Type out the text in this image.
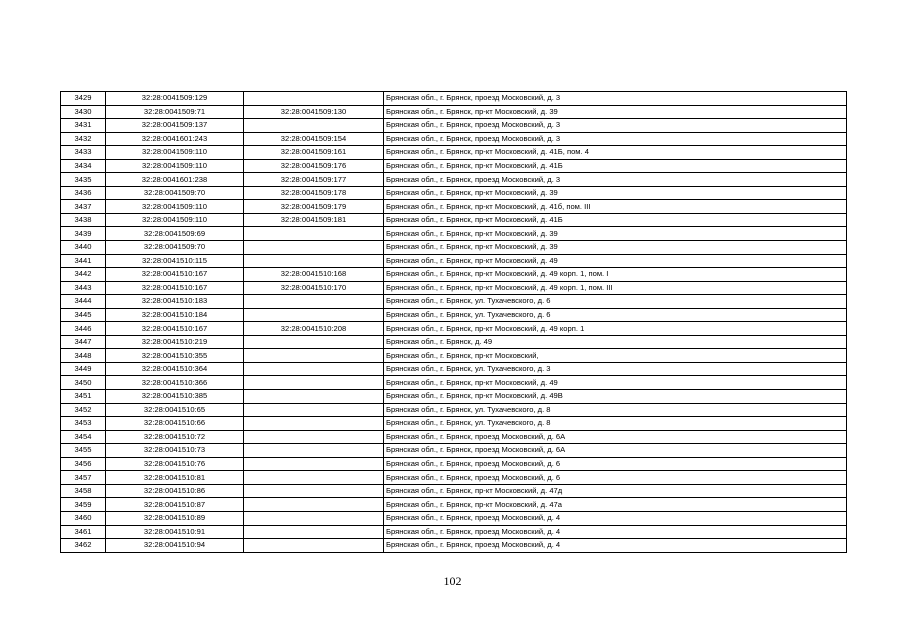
3429	32:28:0041509:129		Брянская обл., г. Брянск, проезд Московский, д. 3
3430	32:28:0041509:71	32:28:0041509:130	Брянская обл., г. Брянск, пр-кт Московский, д. 39
3431	32:28:0041509:137		Брянская обл., г. Брянск, проезд Московский, д. 3
3432	32:28:0041601:243	32:28:0041509:154	Брянская обл., г. Брянск, проезд Московский, д. 3
3433	32:28:0041509:110	32:28:0041509:161	Брянская обл., г. Брянск, пр-кт Московский, д. 41Б, пом. 4
3434	32:28:0041509:110	32:28:0041509:176	Брянская обл., г. Брянск, пр-кт Московский, д. 41Б
3435	32:28:0041601:238	32:28:0041509:177	Брянская обл., г. Брянск, проезд Московский, д. 3
3436	32:28:0041509:70	32:28:0041509:178	Брянская обл., г. Брянск, пр-кт Московский, д. 39
3437	32:28:0041509:110	32:28:0041509:179	Брянская обл., г. Брянск, пр-кт Московский, д. 41б, пом. III
3438	32:28:0041509:110	32:28:0041509:181	Брянская обл., г. Брянск, пр-кт Московский, д. 41Б
3439	32:28:0041509:69		Брянская обл., г. Брянск, пр-кт Московский, д. 39
3440	32:28:0041509:70		Брянская обл., г. Брянск, пр-кт Московский, д. 39
3441	32:28:0041510:115		Брянская обл., г. Брянск, пр-кт Московский, д. 49
3442	32:28:0041510:167	32:28:0041510:168	Брянская обл., г. Брянск, пр-кт Московский, д. 49 корп. 1, пом. I
3443	32:28:0041510:167	32:28:0041510:170	Брянская обл., г. Брянск, пр-кт Московский, д. 49 корп. 1, пом. III
3444	32:28:0041510:183		Брянская обл., г. Брянск, ул. Тухачевского, д. 6
3445	32:28:0041510:184		Брянская обл., г. Брянск, ул. Тухачевского, д. 6
3446	32:28:0041510:167	32:28:0041510:208	Брянская обл., г. Брянск, пр-кт Московский, д. 49 корп. 1
3447	32:28:0041510:219		Брянская обл., г. Брянск, д. 49
3448	32:28:0041510:355		Брянская обл., г. Брянск, пр-кт Московский,
3449	32:28:0041510:364		Брянская обл., г. Брянск, ул. Тухачевского, д. 3
3450	32:28:0041510:366		Брянская обл., г. Брянск, пр-кт Московский, д. 49
3451	32:28:0041510:385		Брянская обл., г. Брянск, пр-кт Московский, д. 49В
3452	32:28:0041510:65		Брянская обл., г. Брянск, ул. Тухачевского, д. 8
3453	32:28:0041510:66		Брянская обл., г. Брянск, ул. Тухачевского, д. 8
3454	32:28:0041510:72		Брянская обл., г. Брянск, проезд Московский, д. 6А
3455	32:28:0041510:73		Брянская обл., г. Брянск, проезд Московский, д. 6А
3456	32:28:0041510:76		Брянская обл., г. Брянск, проезд Московский, д. 6
3457	32:28:0041510:81		Брянская обл., г. Брянск, проезд Московский, д. 6
3458	32:28:0041510:86		Брянская обл., г. Брянск, пр-кт Московский, д. 47д
3459	32:28:0041510:87		Брянская обл., г. Брянск, пр-кт Московский, д. 47а
3460	32:28:0041510:89		Брянская обл., г. Брянск, проезд Московский, д. 4
3461	32:28:0041510:91		Брянская обл., г. Брянск, проезд Московский, д. 4
3462	32:28:0041510:94		Брянская обл., г. Брянск, проезд Московский, д. 4
102
